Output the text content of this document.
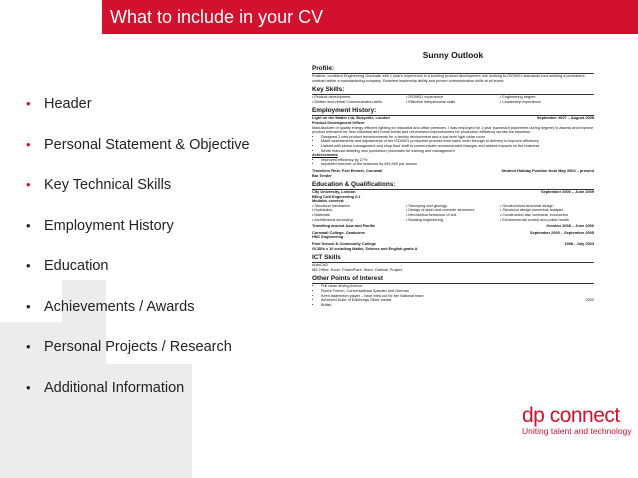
What to include in your CV
• Header
• Personal Statement & Objective
• Key Technical Skills
• Employment History
• Education
• Achievements / Awards
• Personal Projects / Research
• Additional Information
Sunny Outlook
Profile:
Positive, confident Engineering Graduate with 1 year's experience in a building product development role working to ISO9001 standards now seeking a permanent contract within a manufacturing company. Excellent leadership ability and proven communication skills at all levels.
Key Skills:
• Product development	• ISO9001 experience	• Engineering degree
• Written and verbal Communication skills	• Effective interpersonal skills	• Leadership experience
Employment History:
Light on the Matter Ltd, Busyville, London	September 2007 – August 2008
Product Development Officer
Manufacturer of quality energy efficient lighting for industrial and office premises. I was employed for 1 year (sandwich placement during degree) to assess and improve product relevance for new industrial and home builds and recommend improvements for production efficiency across the business.
• Designed 2 new product enhancements for a factory environment and a low level light radar room
• Made assessments and adjustments of the ISO9001 production process from sales order through to delivery to improve efficiency
• Liaised with senior management and shop floor staff to communicate recommended changes and assess impacts on the business
• Wrote manual detailing new production processes for training and management
Achievements
• Improved efficiency by 27%
• Impacted turnover of the business by £49,000 per annum
Travellers Rest, Port Emmet, Cornwall	Student Holiday Position from May 2004 – present
Bar Tender
Education & Qualifications:
City University, London	September 2006 – June 2009
BEng Civil Engineering 2:1
Modules covered:
• Structural mechanics	• Surveying and geology	• Geotechnical structural design
• Hydraulics	• Design of steel and concrete structures	• Structural design numerical analysis
• Materials	• Mechanical behaviour of soil	• Construction law, contracts, economics
• Architectural surveying	• Building engineering	• Environmental control and public health
Travelling around Asia and Pacific	October 2005 – June 2006
Cornwall College, Camborne	September 2003 – September 2005
HNC Engineering
Pool School & Community College	1998 - July 2003
GCSEs x 10 including Maths, Science and English grade A
ICT Skills
AutoCAD
MS Office: Excel, PowerPoint, Word, Outlook, Project
Other Points of Interest
• Full clean driving licence
• Fluent French, Conversational Spanish and German
• Keen badminton player – have tried out for the National team
• Achieved Duke of Edinburgh Silver medal	2002
• British
dp connect
Uniting talent and technology
